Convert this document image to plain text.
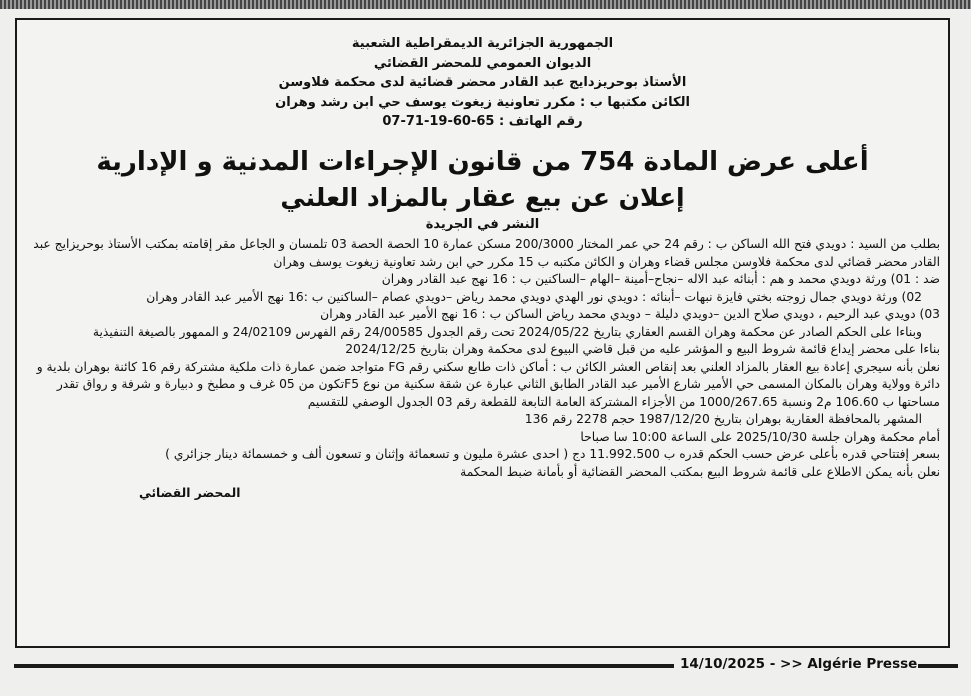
الجمهورية الجزائرية الديمقراطية الشعبية
الديوان العمومي للمحضر القضائي
الأستاذ بوحريزدايج عبد القادر محضر قضائية لدى محكمة فلاوسن
الكائن مكتبها ب : مكرر تعاونية زيغوت يوسف حي ابن رشد وهران
رقم الهاتف : 65-60-19-71-07
أعلى عرض المادة 754 من قانون الإجراءات المدنية و الإدارية
إعلان عن بيع عقار بالمزاد العلني
النشر في الجريدة

بطلب من السيد : دويدي فتح الله الساكن ب : رقم 24 حي عمر المختار 200/3000 مسكن عمارة 10 الحصة الحصة 03 تلمسان و الجاعل مقر إقامته بمكتب الأستاذ بوحريزايج عبد القادر محضر قضائي لدى محكمة فلاوسن مجلس قضاء وهران و الكائن مكتبه ب 15 مكرر حي ابن رشد تعاونية زيغوت يوسف وهران

ضد : 01) ورثة دويدي محمد و هم : أبنائه عبد الاله –نجاح–أمينة –الهام –الساكنين ب : 16 نهج عبد القادر وهران

02) ورثة دويدي جمال زوجته بختي فايزة نبهات –أبنائه : دويدي نور الهدي دويدي محمد رياض –دويدي عصام –الساكنين ب :16 نهج الأمير عبد القادر وهران

03) دويدي عبد الرحيم ، دويدي صلاح الدين –دويدي دليلة – دويدي محمد رياض الساكن ب : 16 نهج الأمير عبد القادر وهران

وبناءا على الحكم الصادر عن محكمة وهران القسم العقاري بتاريخ 2024/05/22 تحت رقم الجدول 24/00585 رقم الفهرس 24/02109 و الممهور بالصيغة التنفيذية

بناءا على محضر إيداع قائمة شروط البيع و المؤشر عليه من قبل قاضي البيوع لدى محكمة وهران بتاريخ 2024/12/25

نعلن بأنه سيجري إعادة بيع العقار بالمزاد العلني بعد إنقاص العشر الكائن ب : أماكن ذات طابع سكني رقم FG متواجد ضمن عمارة ذات ملكية مشتركة رقم 16 كائنة بوهران بلدية و دائرة وولاية وهران بالمكان المسمى حي الأمير شارع الأمير عبد القادر الطابق الثاني عبارة عن شقة سكنية من نوع F5تكون من 05 غرف و مطبخ و دبيارة و شرفة و رواق تقدر مساحتها ب 106.60 م2 ونسبة 1000/267.65 من الأجزاء المشتركة العامة التابعة للقطعة رقم 03 الجدول الوصفي للتقسيم

المشهر بالمحافظة العقارية بوهران بتاريخ 1987/12/20 حجم 2278 رقم 136

أمام محكمة وهران جلسة 2025/10/30 على الساعة 10:00 سا صباحا

بسعر إفتتاحي قدره بأعلى عرض حسب الحكم قدره ب 11.992.500 دج ( احدى عشرة مليون و تسعمائة وإثنان و تسعون ألف و خمسمائة دينار جزائري )

نعلن بأنه يمكن الاطلاع على قائمة شروط البيع بمكتب المحضر القضائية أو بأمانة ضبط المحكمة

المحضر القضائي

14/10/2025 - >> Algérie Presse
